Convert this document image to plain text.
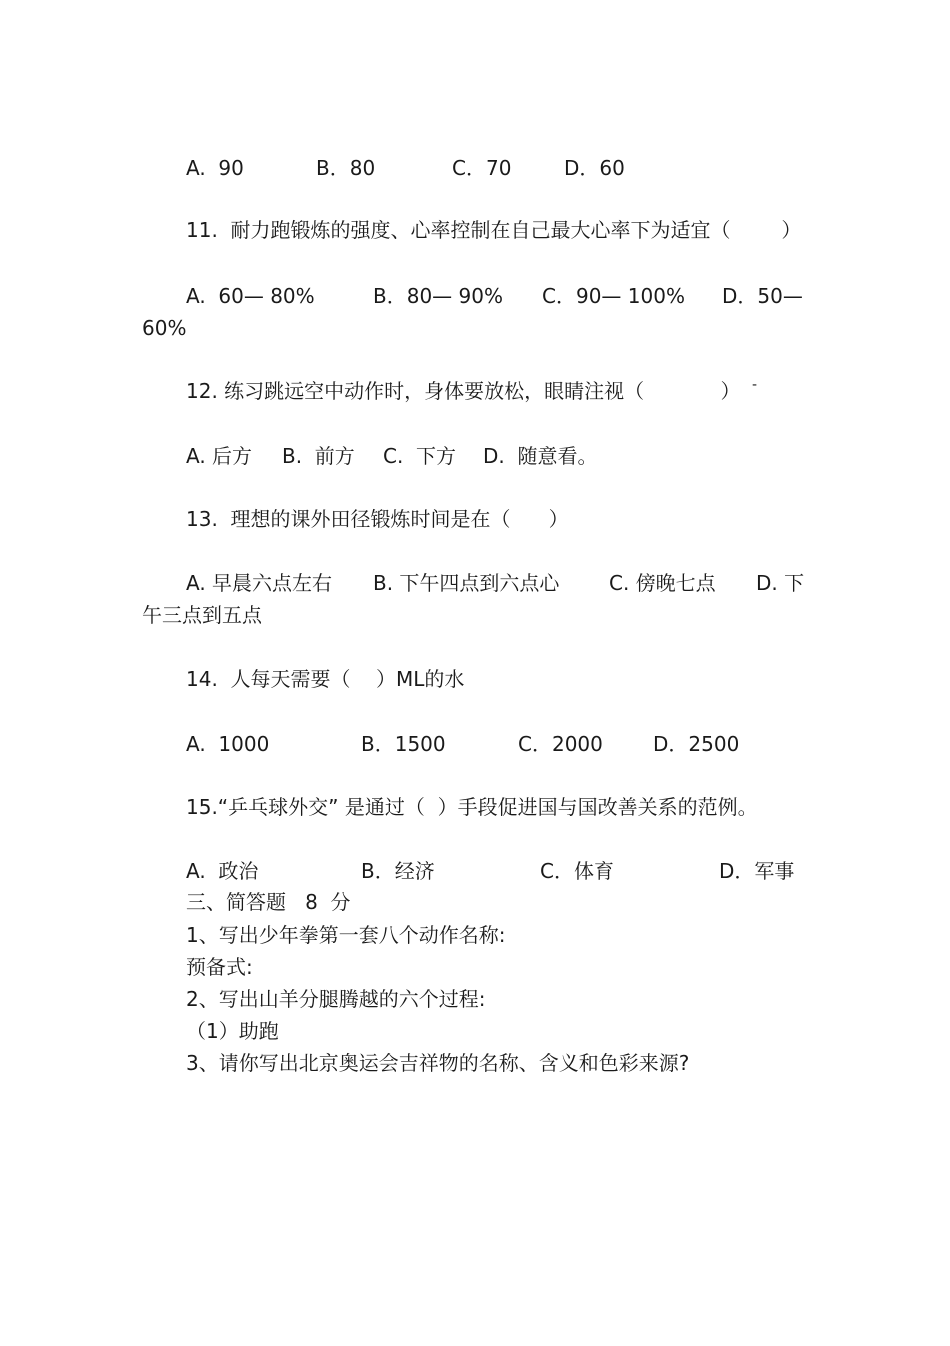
A.  90	B．80	C．70	D．60
11.  耐力跑锻炼的强度、心率控制在自己最大心率下为适宜（        ）
A.  60— 80%	B．80— 90% C．90— 100% D．50—
60%
12. 练习跳远空中动作时，身体要放松，眼睛注视（            ） -
A. 后方 B.  前方 C.  下方 D.  随意看。
13.  理想的课外田径锻炼时间是在（      ）
A. 早晨六点左右 B. 下午四点到六点心 C. 傍晚七点 D. 下
午三点到五点
14.  人每天需要（    ）ML的水
A.  1000	B．1500	C．2000	D．2500
15.“乒乓球外交” 是通过（  ）手段促进国与国改善关系的范例。
A.  政治	B．经济	C．体育	D．军事
三、简答题   8  分
1、写出少年拳第一套八个动作名称:
预备式:
2、写出山羊分腿腾越的六个过程:
（1）助跑
3、请你写出北京奥运会吉祥物的名称、含义和色彩来源?
